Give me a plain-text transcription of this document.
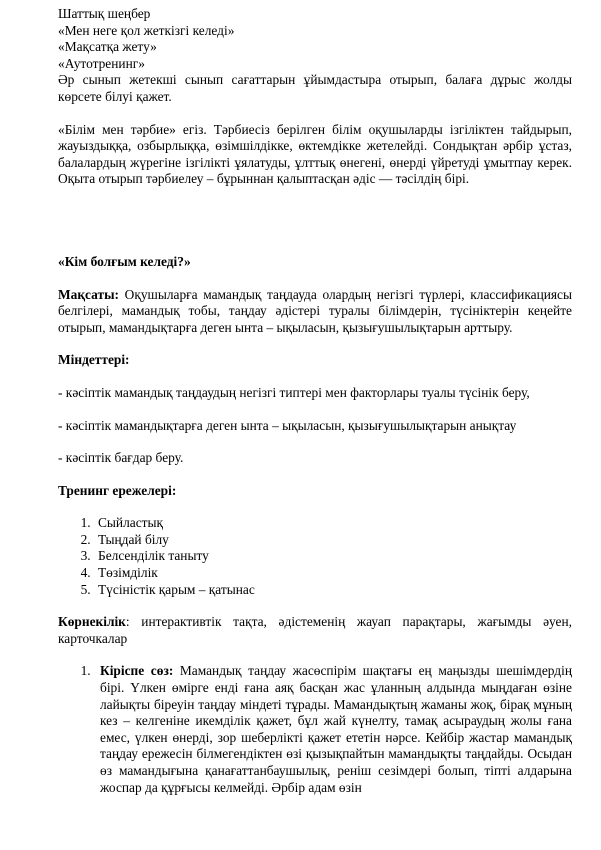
Шаттық шеңбер

«Мен неге қол жеткізгі келеді»

«Мақсатқа жету»

«Аутотренинг»

Әр сынып жетекші сынып сағаттарын ұйымдастыра отырып, балаға дұрыс жолды көрсете білуі қажет.

«Білім мен тәрбие» егіз. Тәрбиесіз берілген білім оқушыларды ізгіліктен тайдырып, жауыздыққа, озбырлыққа, өзімшілдікке, өктемдікке жетелейді. Сондықтан әрбір ұстаз, балалардың жүрегіне ізгілікті ұялатуды, ұлттық өнегені, өнерді үйретуді ұмытпау керек. Оқыта отырып тәрбиелеу – бұрыннан қалыптасқан әдіс — тәсілдің бірі.

«Кім болғым келеді?»

Мақсаты: Оқушыларға мамандық таңдауда олардың негізгі түрлері, классификациясы белгілері, мамандық тобы, таңдау әдістері туралы білімдерін, түсініктерін кеңейте отырып, мамандықтарға деген ынта – ықыласын, қызығушылықтарын арттыру.

Міндеттері:

- кәсіптік мамандық таңдаудың негізгі типтері мен факторлары туалы түсінік беру,

- кәсіптік мамандықтарға деген ынта – ықыласын, қызығушылықтарын анықтау

- кәсіптік бағдар беру.

Тренинг ережелері:

1. Сыйластық
2. Тыңдай білу
3. Белсенділік таныту
4. Төзімділік
5. Түсіністік қарым – қатынас

Көрнекілік: интерактивтік тақта, әдістеменің жауап парақтары, жағымды әуен, карточкалар

1. Кіріспе сөз: Мамандық таңдау жасөспірім шақтағы ең маңызды шешімдердің бірі. Үлкен өмірге енді ғана аяқ басқан жас ұланның алдында мыңдаған өзіне лайықты біреуін таңдау міндеті тұрады. Мамандықтың жаманы жоқ, бірақ мұның кез – келгеніне икемділік қажет, бұл жай күнелту, тамақ асыраудың жолы ғана емес, үлкен өнерді, зор шеберлікті қажет ететін нәрсе. Кейбір жастар мамандық таңдау ережесін білмегендіктен өзі қызықпайтын мамандықты таңдайды. Осыдан өз мамандығына қанағаттанбаушылық, реніш сезімдері болып, тіпті алдарына жоспар да құрғысы келмейді. Әрбір адам өзін
